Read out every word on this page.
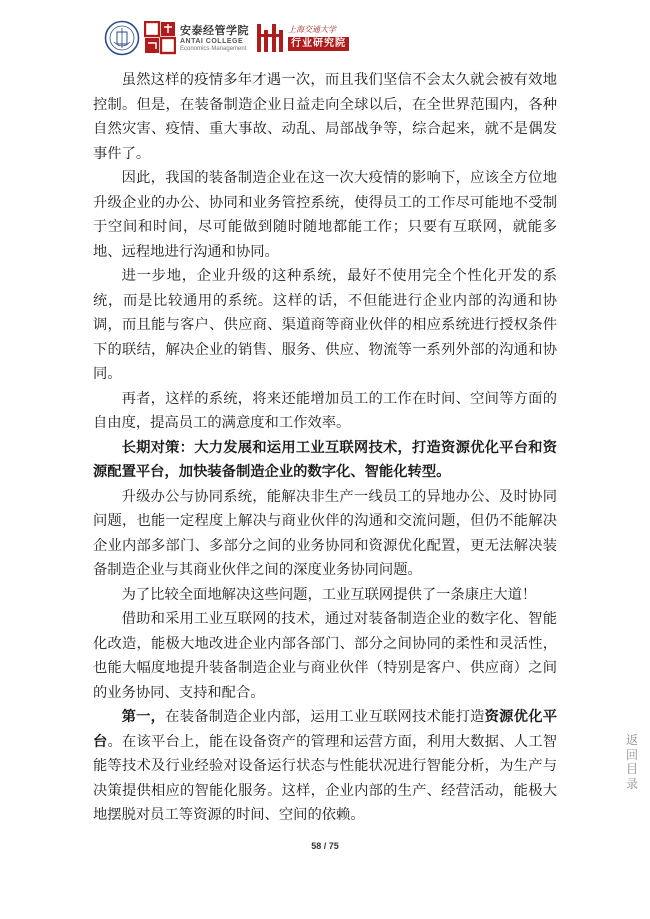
安泰经管学院
ANTAI COLLEGE
Economics·Management
上海交通大学
行业研究院

虽然这样的疫情多年才遇一次，而且我们坚信不会太久就会被有效地控制。但是，在装备制造企业日益走向全球以后，在全世界范围内，各种自然灾害、疫情、重大事故、动乱、局部战争等，综合起来，就不是偶发事件了。

因此，我国的装备制造企业在这一次大疫情的影响下，应该全方位地升级企业的办公、协同和业务管控系统，使得员工的工作尽可能地不受制于空间和时间，尽可能做到随时随地都能工作；只要有互联网，就能多地、远程地进行沟通和协同。

进一步地，企业升级的这种系统，最好不使用完全个性化开发的系统，而是比较通用的系统。这样的话，不但能进行企业内部的沟通和协调，而且能与客户、供应商、渠道商等商业伙伴的相应系统进行授权条件下的联结，解决企业的销售、服务、供应、物流等一系列外部的沟通和协同。

再者，这样的系统，将来还能增加员工的工作在时间、空间等方面的自由度，提高员工的满意度和工作效率。

长期对策：大力发展和运用工业互联网技术，打造资源优化平台和资源配置平台，加快装备制造企业的数字化、智能化转型。

升级办公与协同系统，能解决非生产一线员工的异地办公、及时协同问题，也能一定程度上解决与商业伙伴的沟通和交流问题，但仍不能解决企业内部多部门、多部分之间的业务协同和资源优化配置，更无法解决装备制造企业与其商业伙伴之间的深度业务协同问题。

为了比较全面地解决这些问题，工业互联网提供了一条康庄大道！

借助和采用工业互联网的技术，通过对装备制造企业的数字化、智能化改造，能极大地改进企业内部各部门、部分之间协同的柔性和灵活性，也能大幅度地提升装备制造企业与商业伙伴（特别是客户、供应商）之间的业务协同、支持和配合。

第一，在装备制造企业内部，运用工业互联网技术能打造资源优化平台。在该平台上，能在设备资产的管理和运营方面，利用大数据、人工智能等技术及行业经验对设备运行状态与性能状况进行智能分析，为生产与决策提供相应的智能化服务。这样，企业内部的生产、经营活动，能极大地摆脱对员工等资源的时间、空间的依赖。

58 / 75
返回目录
